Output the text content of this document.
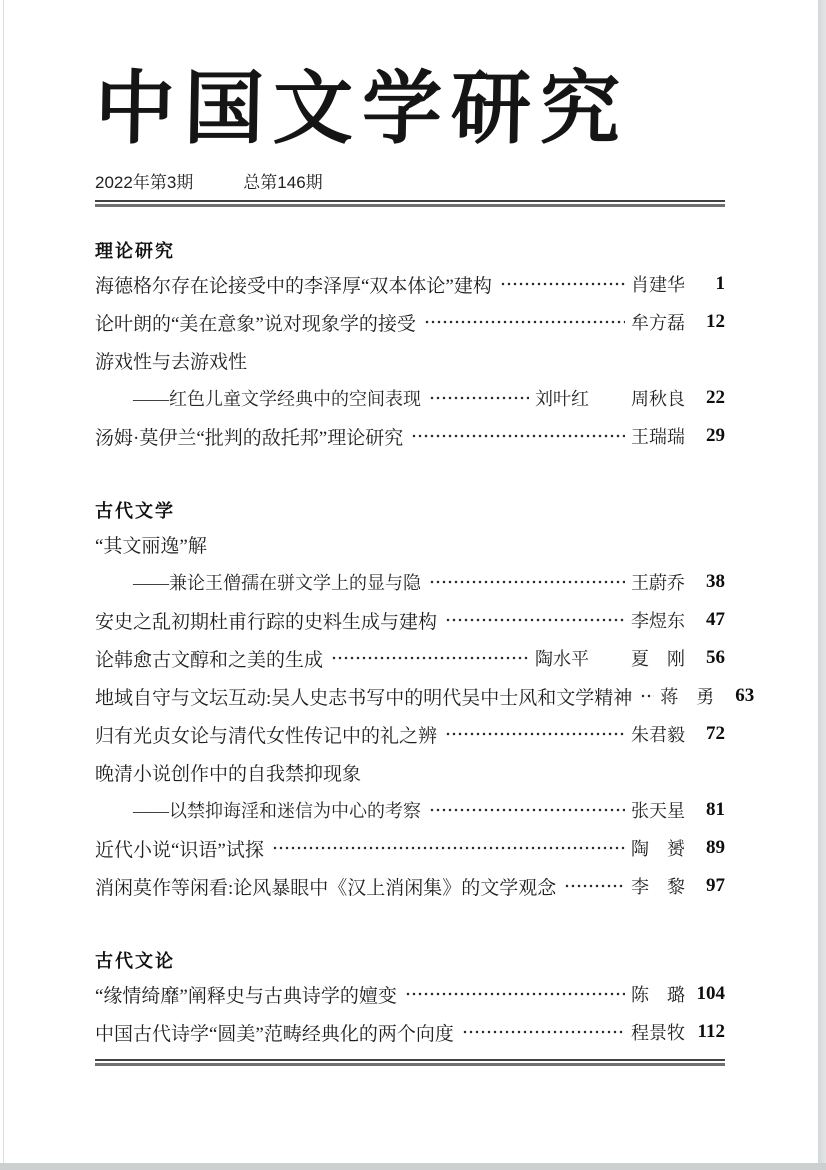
中国文学研究
2022年第3期	总第146期
理论研究
海德格尔存在论接受中的李泽厚“双本体论”建构	肖建华	1
论叶朗的“美在意象”说对现象学的接受	牟方磊	12
游戏性与去游戏性
——红色儿童文学经典中的空间表现	刘叶红 周秋良	22
汤姆·莫伊兰“批判的敌托邦”理论研究	王瑞瑞	29
古代文学
“其文丽逸”解
——兼论王僧孺在骈文学上的显与隐	王蔚乔	38
安史之乱初期杜甫行踪的史料生成与建构	李煜东	47
论韩愈古文醇和之美的生成	陶水平 夏　刚	56
地域自守与文坛互动:吴人史志书写中的明代吴中士风和文学精神 蒋　勇	63
归有光贞女论与清代女性传记中的礼之辨	朱君毅	72
晚清小说创作中的自我禁抑现象
——以禁抑诲淫和迷信为中心的考察	张天星	81
近代小说“识语”试探	陶　赟	89
消闲莫作等闲看:论风暴眼中《汉上消闲集》的文学观念	李　黎	97
古代文论
“缘情绮靡”阐释史与古典诗学的嬗变	陈　璐 104
中国古代诗学“圆美”范畴经典化的两个向度	程景牧 112
